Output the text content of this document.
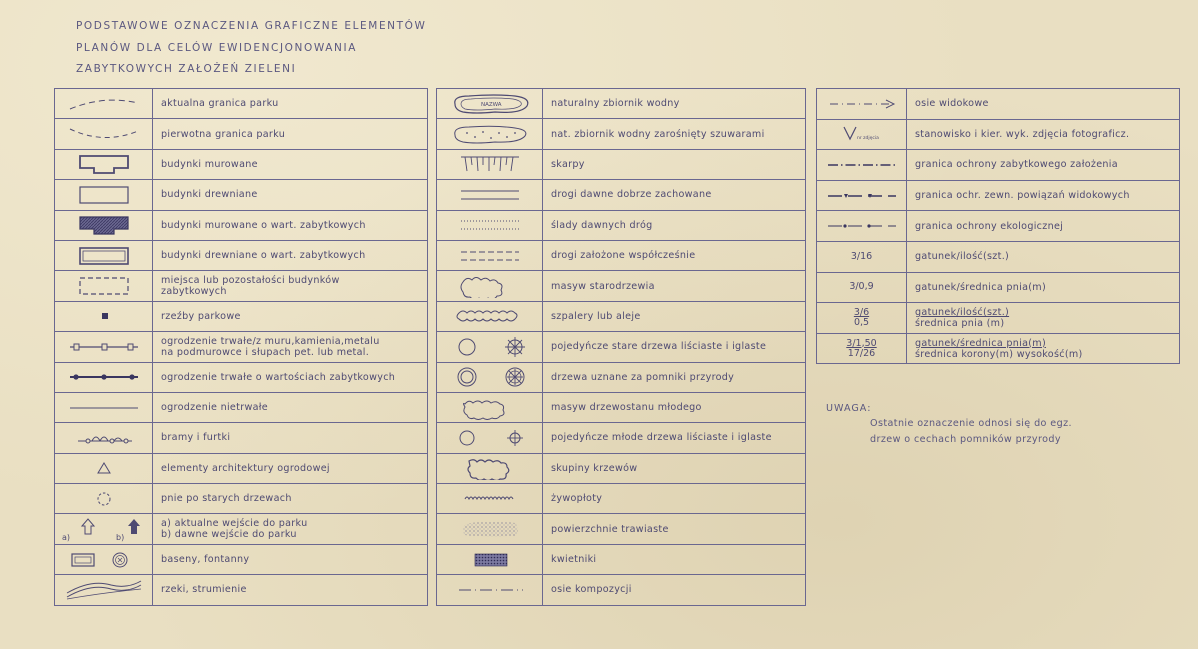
PODSTAWOWE OZNACZENIA GRAFICZNE ELEMENTÓW
PLANÓW DLA CELÓW EWIDENCJONOWANIA
ZABYTKOWYCH ZAŁOŻEŃ ZIELENI
	aktualna granica parku

	pierwotna granica parku

	budynki murowane

	budynki drewniane

	budynki murowane o wart. zabytkowych

	budynki drewniane o wart. zabytkowych

miejsca lub pozostałości budynków
zabytkowych

	rzeźby parkowe

ogrodzenie trwałe/z muru,kamienia,metalu
na podmurowce i słupach pet. lub metal.

	ogrodzenie trwałe o wartościach zabytkowych

	ogrodzenie nietrwałe

	bramy i furtki

	elementy architektury ogrodowej

	pnie po starych drzewach

a) b)	a) aktualne wejście do parku
b) dawne wejście do parku

	baseny, fontanny

	rzeki, strumienie
NAZWA	naturalny zbiornik wodny

	nat. zbiornik wodny zarośnięty szuwarami

	skarpy

	drogi dawne dobrze zachowane

	ślady dawnych dróg

	drogi założone współcześnie

	masyw starodrzewia

	szpalery lub aleje

	pojedyńcze stare drzewa liściaste i iglaste

	drzewa uznane za pomniki przyrody

	masyw drzewostanu młodego

	pojedyńcze młode drzewa liściaste i iglaste

	skupiny krzewów

	żywopłoty

	powierzchnie trawiaste

	kwietniki

	osie kompozycji
	osie widokowe

nr zdjęcia	stanowisko i kier. wyk. zdjęcia fotograficz.

	granica ochrony zabytkowego założenia

	granica ochr. zewn. powiązań widokowych

	granica ochrony ekologicznej

3/16	gatunek/ilość(szt.)

3/0,9	gatunek/średnica pnia(m)

3/6
0,5	gatunek/ilość(szt.)
średnica pnia (m)

3/1,50
17/26	gatunek/średnica pnia(m)
średnica korony(m) wysokość(m)
UWAGA:
Ostatnie oznaczenie odnosi się do egz.
drzew o cechach pomników przyrody
